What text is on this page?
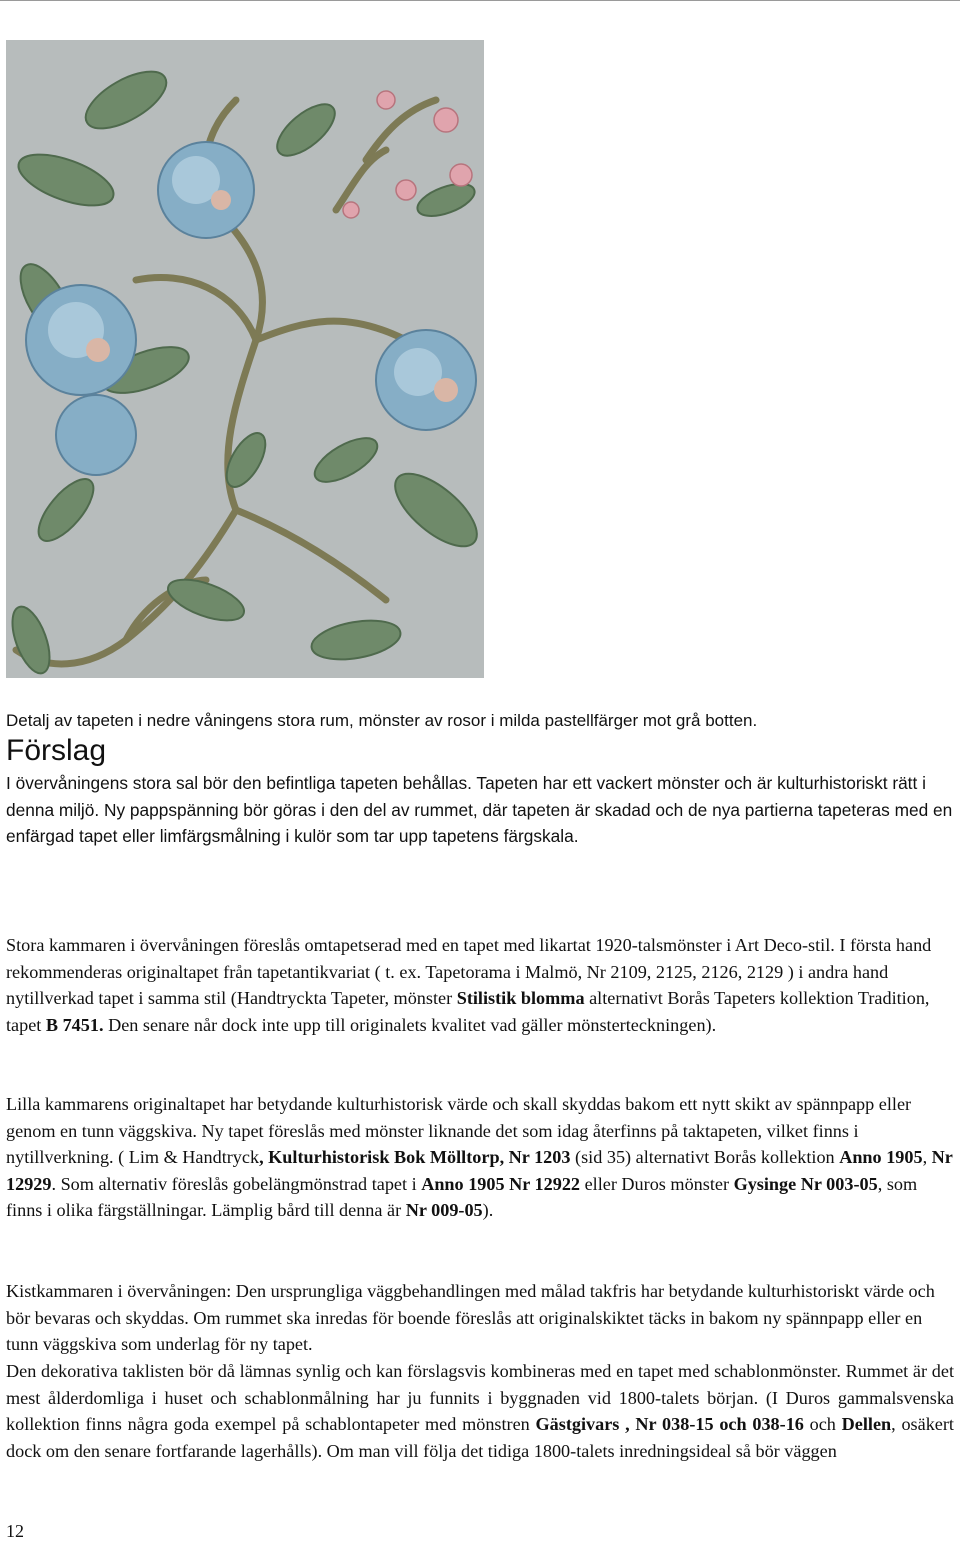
Detalj av tapeten i nedre våningens stora rum, mönster av rosor i milda pastellfärger mot grå botten.

Förslag

I övervåningens stora sal bör den befintliga tapeten behållas. Tapeten har ett vackert mönster och är kulturhistoriskt rätt i denna miljö. Ny pappspänning bör göras i den del av rummet, där tapeten är skadad och de nya partierna tapeteras med en enfärgad tapet eller limfärgsmålning i kulör som tar upp tapetens färgskala.

Stora kammaren i övervåningen föreslås omtapetserad med en tapet med likartat 1920-talsmönster i Art Deco-stil. I första hand rekommenderas originaltapet från tapetantikvariat ( t. ex. Tapetorama i Malmö, Nr 2109, 2125, 2126, 2129 ) i andra hand nytillverkad tapet i samma stil (Handtryckta Tapeter, mönster Stilistik blomma alternativt Borås Tapeters kollektion Tradition, tapet B 7451. Den senare når dock inte upp till originalets kvalitet vad gäller mönsterteckningen).

Lilla kammarens originaltapet har betydande kulturhistorisk värde och skall skyddas bakom ett nytt skikt av spännpapp eller genom en tunn väggskiva. Ny tapet föreslås med mönster liknande det som idag återfinns på taktapeten, vilket finns i nytillverkning. ( Lim & Handtryck, Kulturhistorisk Bok Mölltorp, Nr 1203 (sid 35) alternativt Borås kollektion Anno 1905, Nr 12929. Som alternativ föreslås gobelängmönstrad tapet i Anno 1905 Nr 12922 eller Duros mönster Gysinge Nr 003-05, som finns i olika färgställningar. Lämplig bård till denna är Nr 009-05).

Kistkammaren i övervåningen: Den ursprungliga väggbehandlingen med målad takfris har betydande kulturhistoriskt värde och bör bevaras och skyddas. Om rummet ska inredas för boende föreslås att originalskiktet täcks in bakom ny spännpapp eller en tunn väggskiva som underlag för ny tapet.

Den dekorativa taklisten bör då lämnas synlig och kan förslagsvis kombineras med en tapet med schablonmönster. Rummet är det mest ålderdomliga i huset och schablonmålning har ju funnits i byggnaden vid 1800-talets början. (I Duros gammalsvenska kollektion finns några goda exempel på schablontapeter med mönstren Gästgivars , Nr 038-15 och 038-16 och Dellen, osäkert dock om den senare fortfarande lagerhålls). Om man vill följa det tidiga 1800-talets inredningsideal så bör väggen

12
